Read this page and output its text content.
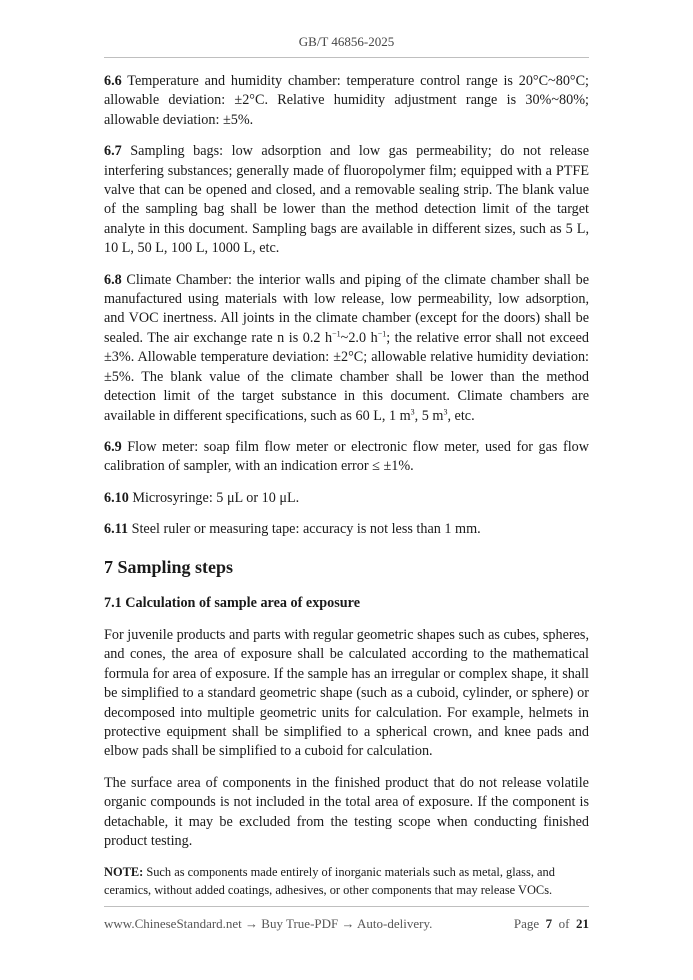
GB/T 46856-2025

6.6 Temperature and humidity chamber: temperature control range is 20°C~80°C; allowable deviation: ±2°C. Relative humidity adjustment range is 30%~80%; allowable deviation: ±5%.

6.7 Sampling bags: low adsorption and low gas permeability; do not release interfering substances; generally made of fluoropolymer film; equipped with a PTFE valve that can be opened and closed, and a removable sealing strip. The blank value of the sampling bag shall be lower than the method detection limit of the target analyte in this document. Sampling bags are available in different sizes, such as 5 L, 10 L, 50 L, 100 L, 1000 L, etc.

6.8 Climate Chamber: the interior walls and piping of the climate chamber shall be manufactured using materials with low release, low permeability, low adsorption, and VOC inertness. All joints in the climate chamber (except for the doors) shall be sealed. The air exchange rate n is 0.2 $h^{-1}\sim 2.0$ $h^{-1}$; the relative error shall not exceed ±3%. Allowable temperature deviation: ±2°C; allowable relative humidity deviation: ±5%. The blank value of the climate chamber shall be lower than the method detection limit of the target substance in this document. Climate chambers are available in different specifications, such as 60 L, 1 $m^3$, 5 $m^3$, etc.

6.9 Flow meter: soap film flow meter or electronic flow meter, used for gas flow calibration of sampler, with an indication error ≤ ±1%.

6.10 Microsyringe: 5 μL or 10 μL.

6.11 Steel ruler or measuring tape: accuracy is not less than 1 mm.

7 Sampling steps
7.1 Calculation of sample area of exposure

For juvenile products and parts with regular geometric shapes such as cubes, spheres, and cones, the area of exposure shall be calculated according to the mathematical formula for area of exposure. If the sample has an irregular or complex shape, it shall be simplified to a standard geometric shape (such as a cuboid, cylinder, or sphere) or decomposed into multiple geometric units for calculation. For example, helmets in protective equipment shall be simplified to a spherical crown, and knee pads and elbow pads shall be simplified to a cuboid for calculation.

The surface area of components in the finished product that do not release volatile organic compounds is not included in the total area of exposure. If the component is detachable, it may be excluded from the testing scope when conducting finished product testing.

NOTE: Such as components made entirely of inorganic materials such as metal, glass, and ceramics, without added coatings, adhesives, or other components that may release VOCs.

www.ChineseStandard.net → Buy True-PDF → Auto-delivery.	Page 7 of 21
